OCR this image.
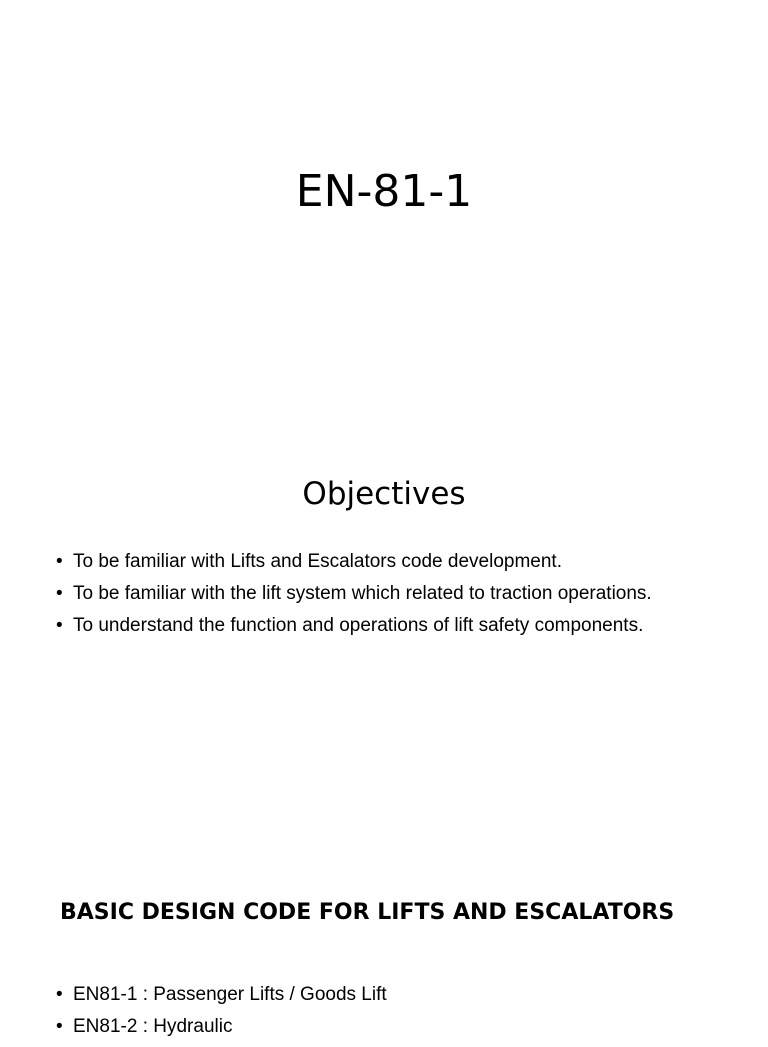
EN-81-1
Objectives
• To be familiar with Lifts and Escalators code development.
• To be familiar with the lift system which related to traction operations.
• To understand the function and operations of lift safety components.
BASIC DESIGN CODE FOR LIFTS AND ESCALATORS
• EN81-1 : Passenger Lifts / Goods Lift
• EN81-2 : Hydraulic
